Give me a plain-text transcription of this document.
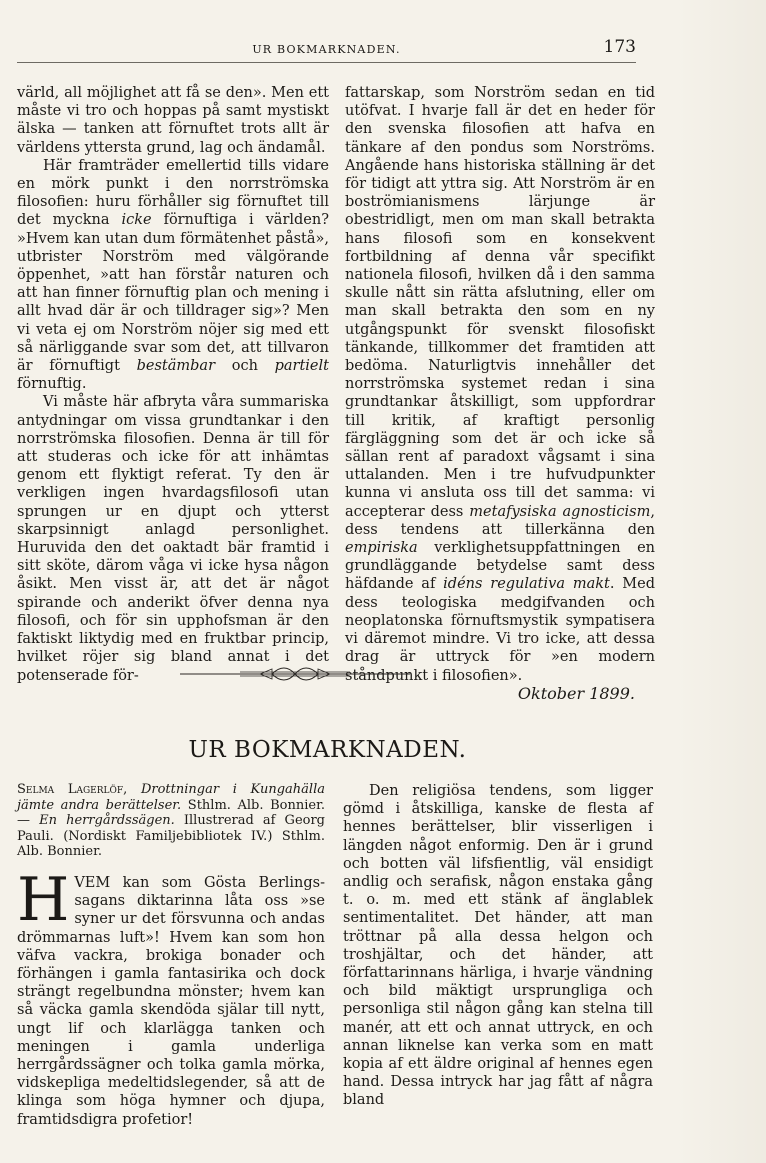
UR BOKMARKNADEN.	173

värld, all möjlighet att få se den». Men ett måste vi tro och hoppas på samt mystiskt älska — tanken att förnuftet trots allt är världens yttersta grund, lag och ändamål.

Här framträder emellertid tills vidare en mörk punkt i den norrströmska filosofien: huru förhåller sig förnuftet till det myckna icke förnuftiga i världen? »Hvem kan utan dum förmätenhet påstå», utbrister Norström med välgörande öppenhet, »att han förstår naturen och att han finner förnuftig plan och mening i allt hvad där är och tilldrager sig»? Men vi veta ej om Norström nöjer sig med ett så närliggande svar som det, att tillvaron är förnuftigt bestämbar och partielt förnuftig.

Vi måste här afbryta våra summariska antydningar om vissa grundtankar i den norrströmska filosofien. Denna är till för att studeras och icke för att inhämtas genom ett flyktigt referat. Ty den är verkligen ingen hvardagsfilosofi utan sprungen ur en djupt och ytterst skarpsinnigt anlagd personlighet. Huruvida den det oaktadt bär framtid i sitt sköte, därom våga vi icke hysa någon åsikt. Men visst är, att det är något spirande och anderikt öfver denna nya filosofi, och för sin upphofsman är den faktiskt liktydig med en fruktbar princip, hvilket röjer sig bland annat i det potenserade för-

fattarskap, som Norström sedan en tid utöfvat. I hvarje fall är det en heder för den svenska filosofien att hafva en tänkare af den pondus som Norströms. Angående hans historiska ställning är det för tidigt att yttra sig. Att Norström är en boströmianismens lärjunge är obestridligt, men om man skall betrakta hans filosofi som en konsekvent fortbildning af denna vår specifikt nationela filosofi, hvilken då i den samma skulle nått sin rätta afslutning, eller om man skall betrakta den som en ny utgångspunkt för svenskt filosofiskt tänkande, tillkommer det framtiden att bedöma. Naturligtvis innehåller det norrströmska systemet redan i sina grundtankar åtskilligt, som uppfordrar till kritik, af kraftigt personlig färgläggning som det är och icke så sällan rent af paradoxt vågsamt i sina uttalanden. Men i tre hufvudpunkter kunna vi ansluta oss till det samma: vi accepterar dess metafysiska agnosticism, dess tendens att tillerkänna den empiriska verklighetsuppfattningen en grundläggande betydelse samt dess häfdande af idéns regulativa makt. Med dess teologiska medgifvanden och neoplatonska förnuftsmystik sympatisera vi däremot mindre. Vi tro icke, att dessa drag är uttryck för »en modern ståndpunkt i filosofien».

Oktober 1899.

UR BOKMARKNADEN.

Selma Lagerlöf, Drottningar i Kungahälla jämte andra berättelser. Sthlm. Alb. Bonnier. — En herrgårdssägen. Illustrerad af Georg Pauli. (Nordiskt Familjebibliotek IV.) Sthlm. Alb. Bonnier.

HVEM kan som Gösta Berlings-sagans diktarinna låta oss »se syner ur det försvunna och andas drömmarnas luft»! Hvem kan som hon väfva vackra, brokiga bonader och förhängen i gamla fantasirika och dock strängt regelbundna mönster; hvem kan så väcka gamla skendöda själar till nytt, ungt lif och klarlägga tanken och meningen i gamla underliga herrgårdssägner och tolka gamla mörka, vidskepliga medeltidslegender, så att de klinga som höga hymner och djupa, framtidsdigra profetior!

Den religiösa tendens, som ligger gömd i åtskilliga, kanske de flesta af hennes berättelser, blir visserligen i längden något enformig. Den är i grund och botten väl lifsfientlig, väl ensidigt andlig och serafisk, någon enstaka gång t. o. m. med ett stänk af änglablek sentimentalitet. Det händer, att man tröttnar på alla dessa helgon och troshjältar, och det händer, att författarinnans härliga, i hvarje vändning och bild mäktigt ursprungliga och personliga stil någon gång kan stelna till manér, att ett och annat uttryck, en och annan liknelse kan verka som en matt kopia af ett äldre original af hennes egen hand. Dessa intryck har jag fått af några bland
